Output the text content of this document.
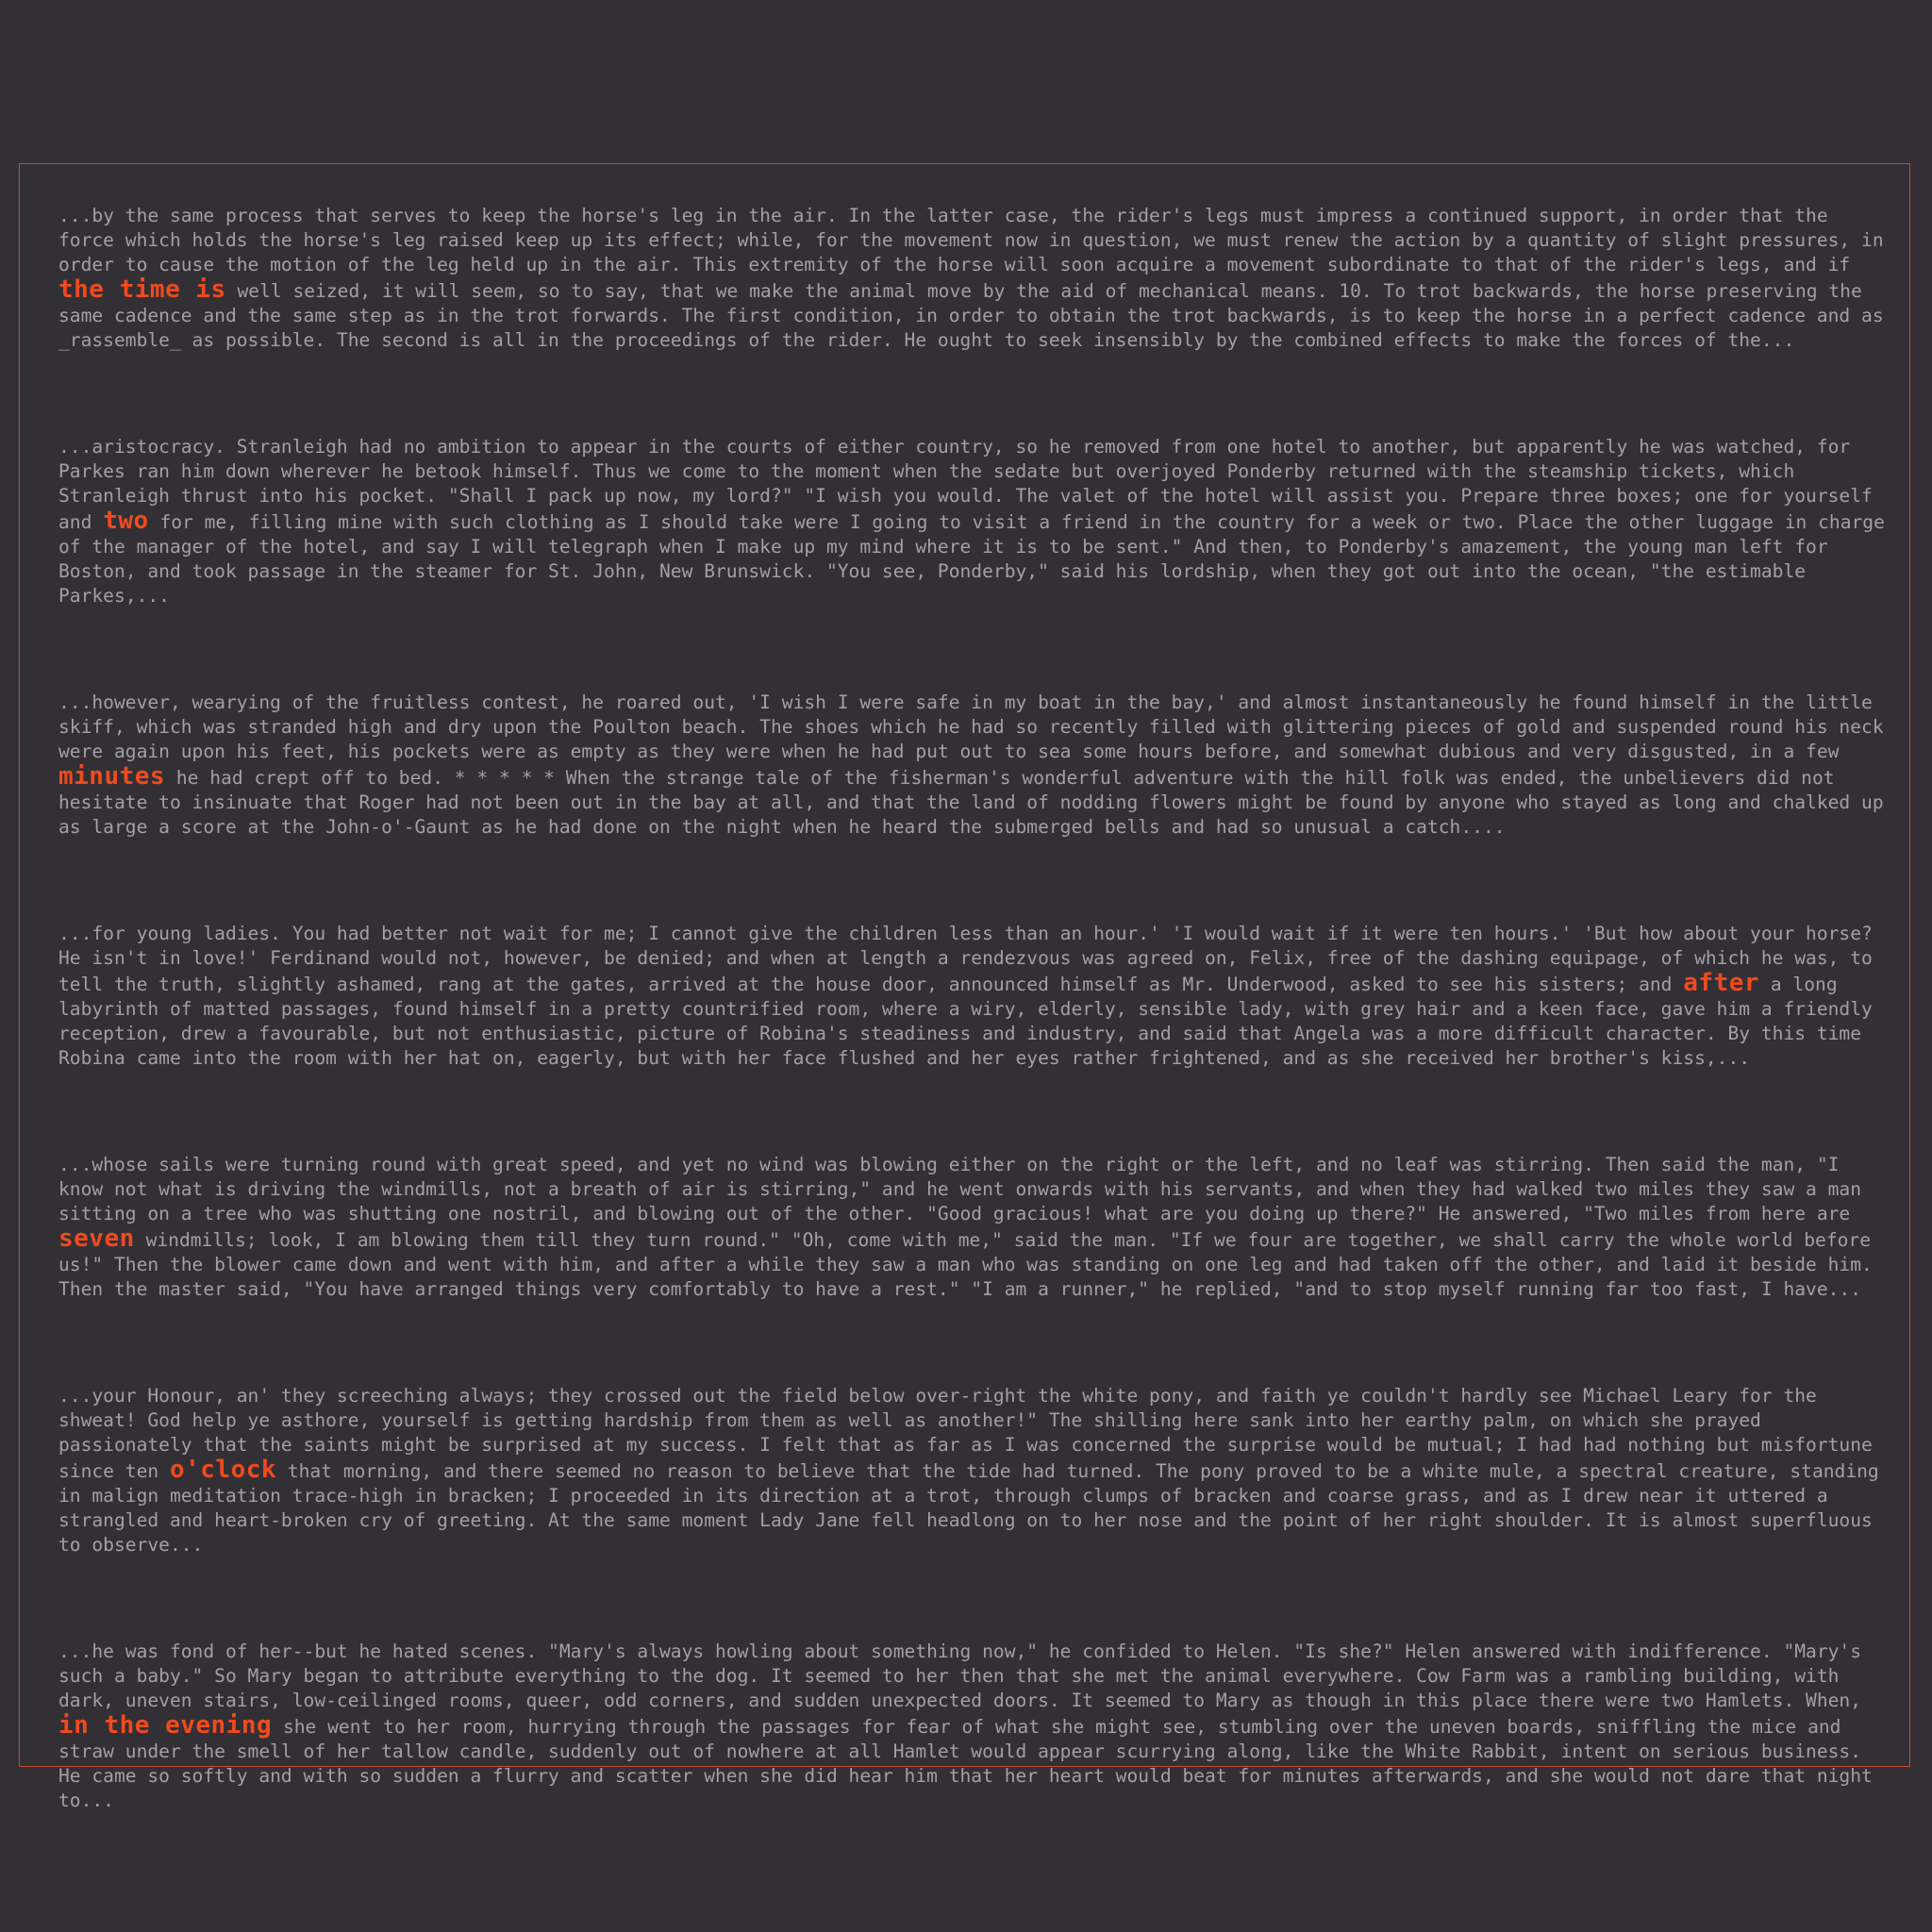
...by the same process that serves to keep the horse's leg in the air. In the latter case, the rider's legs must impress a continued support, in order that the force which holds the horse's leg raised keep up its effect; while, for the movement now in question, we must renew the action by a quantity of slight pressures, in order to cause the motion of the leg held up in the air. This extremity of the horse will soon acquire a movement subordinate to that of the rider's legs, and if the time is well seized, it will seem, so to say, that we make the animal move by the aid of mechanical means. 10. To trot backwards, the horse preserving the same cadence and the same step as in the trot forwards. The first condition, in order to obtain the trot backwards, is to keep the horse in a perfect cadence and as _rassemble_ as possible. The second is all in the proceedings of the rider. He ought to seek insensibly by the combined effects to make the forces of the...

...aristocracy. Stranleigh had no ambition to appear in the courts of either country, so he removed from one hotel to another, but apparently he was watched, for Parkes ran him down wherever he betook himself. Thus we come to the moment when the sedate but overjoyed Ponderby returned with the steamship tickets, which Stranleigh thrust into his pocket. "Shall I pack up now, my lord?" "I wish you would. The valet of the hotel will assist you. Prepare three boxes; one for yourself and two for me, filling mine with such clothing as I should take were I going to visit a friend in the country for a week or two. Place the other luggage in charge of the manager of the hotel, and say I will telegraph when I make up my mind where it is to be sent." And then, to Ponderby's amazement, the young man left for Boston, and took passage in the steamer for St. John, New Brunswick. "You see, Ponderby," said his lordship, when they got out into the ocean, "the estimable Parkes,...

...however, wearying of the fruitless contest, he roared out, 'I wish I were safe in my boat in the bay,' and almost instantaneously he found himself in the little skiff, which was stranded high and dry upon the Poulton beach. The shoes which he had so recently filled with glittering pieces of gold and suspended round his neck were again upon his feet, his pockets were as empty as they were when he had put out to sea some hours before, and somewhat dubious and very disgusted, in a few minutes he had crept off to bed. * * * * * When the strange tale of the fisherman's wonderful adventure with the hill folk was ended, the unbelievers did not hesitate to insinuate that Roger had not been out in the bay at all, and that the land of nodding flowers might be found by anyone who stayed as long and chalked up as large a score at the John-o'-Gaunt as he had done on the night when he heard the submerged bells and had so unusual a catch....

...for young ladies. You had better not wait for me; I cannot give the children less than an hour.' 'I would wait if it were ten hours.' 'But how about your horse? He isn't in love!' Ferdinand would not, however, be denied; and when at length a rendezvous was agreed on, Felix, free of the dashing equipage, of which he was, to tell the truth, slightly ashamed, rang at the gates, arrived at the house door, announced himself as Mr. Underwood, asked to see his sisters; and after a long labyrinth of matted passages, found himself in a pretty countrified room, where a wiry, elderly, sensible lady, with grey hair and a keen face, gave him a friendly reception, drew a favourable, but not enthusiastic, picture of Robina's steadiness and industry, and said that Angela was a more difficult character. By this time Robina came into the room with her hat on, eagerly, but with her face flushed and her eyes rather frightened, and as she received her brother's kiss,...

...whose sails were turning round with great speed, and yet no wind was blowing either on the right or the left, and no leaf was stirring. Then said the man, "I know not what is driving the windmills, not a breath of air is stirring," and he went onwards with his servants, and when they had walked two miles they saw a man sitting on a tree who was shutting one nostril, and blowing out of the other. "Good gracious! what are you doing up there?" He answered, "Two miles from here are seven windmills; look, I am blowing them till they turn round." "Oh, come with me," said the man. "If we four are together, we shall carry the whole world before us!" Then the blower came down and went with him, and after a while they saw a man who was standing on one leg and had taken off the other, and laid it beside him. Then the master said, "You have arranged things very comfortably to have a rest." "I am a runner," he replied, "and to stop myself running far too fast, I have...

...your Honour, an' they screeching always; they crossed out the field below over-right the white pony, and faith ye couldn't hardly see Michael Leary for the shweat! God help ye asthore, yourself is getting hardship from them as well as another!" The shilling here sank into her earthy palm, on which she prayed passionately that the saints might be surprised at my success. I felt that as far as I was concerned the surprise would be mutual; I had had nothing but misfortune since ten o'clock that morning, and there seemed no reason to believe that the tide had turned. The pony proved to be a white mule, a spectral creature, standing in malign meditation trace-high in bracken; I proceeded in its direction at a trot, through clumps of bracken and coarse grass, and as I drew near it uttered a strangled and heart-broken cry of greeting. At the same moment Lady Jane fell headlong on to her nose and the point of her right shoulder. It is almost superfluous to observe...

...he was fond of her--but he hated scenes. "Mary's always howling about something now," he confided to Helen. "Is she?" Helen answered with indifference. "Mary's such a baby." So Mary began to attribute everything to the dog. It seemed to her then that she met the animal everywhere. Cow Farm was a rambling building, with dark, uneven stairs, low-ceilinged rooms, queer, odd corners, and sudden unexpected doors. It seemed to Mary as though in this place there were two Hamlets. When, in the evening she went to her room, hurrying through the passages for fear of what she might see, stumbling over the uneven boards, sniffling the mice and straw under the smell of her tallow candle, suddenly out of nowhere at all Hamlet would appear scurrying along, like the White Rabbit, intent on serious business. He came so softly and with so sudden a flurry and scatter when she did hear him that her heart would beat for minutes afterwards, and she would not dare that night to...
